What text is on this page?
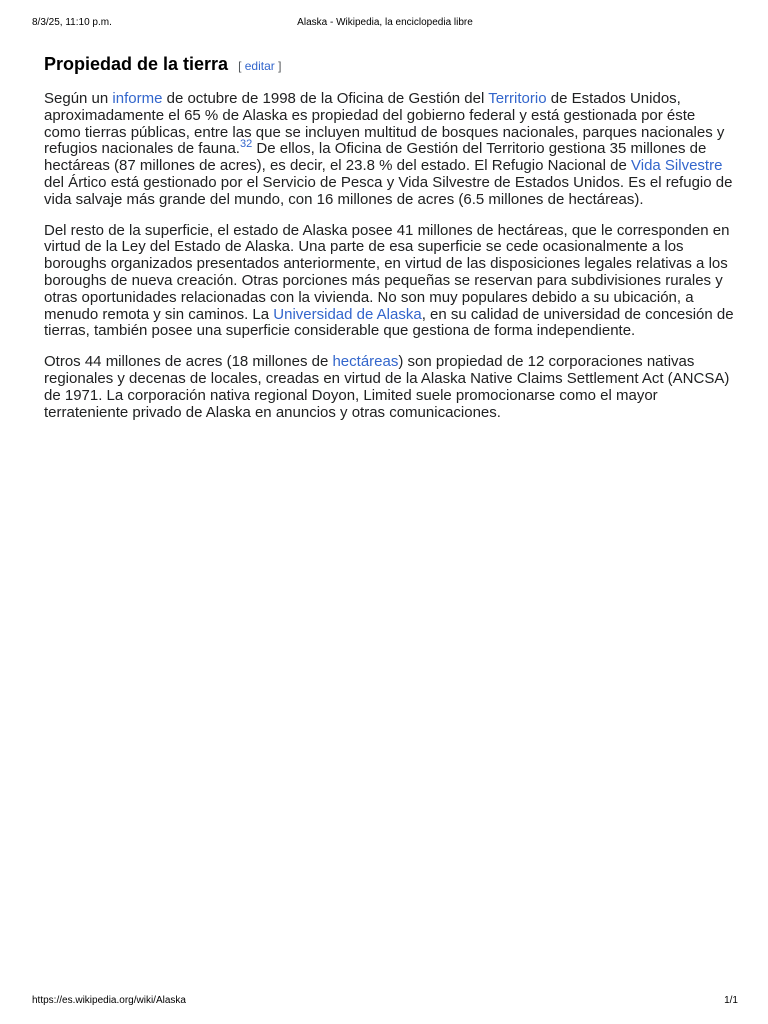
8/3/25, 11:10 p.m.	Alaska - Wikipedia, la enciclopedia libre
Propiedad de la tierra [ editar ]

Según un informe de octubre de 1998 de la Oficina de Gestión del Territorio de Estados Unidos, aproximadamente el 65 % de Alaska es propiedad del gobierno federal y está gestionada por éste como tierras públicas, entre las que se incluyen multitud de bosques nacionales, parques nacionales y refugios nacionales de fauna.$^{32}$ De ellos, la Oficina de Gestión del Territorio gestiona 35 millones de hectáreas (87 millones de acres), es decir, el 23.8 % del estado. El Refugio Nacional de Vida Silvestre del Ártico está gestionado por el Servicio de Pesca y Vida Silvestre de Estados Unidos. Es el refugio de vida salvaje más grande del mundo, con 16 millones de acres (6.5 millones de hectáreas).

Del resto de la superficie, el estado de Alaska posee 41 millones de hectáreas, que le corresponden en virtud de la Ley del Estado de Alaska. Una parte de esa superficie se cede ocasionalmente a los boroughs organizados presentados anteriormente, en virtud de las disposiciones legales relativas a los boroughs de nueva creación. Otras porciones más pequeñas se reservan para subdivisiones rurales y otras oportunidades relacionadas con la vivienda. No son muy populares debido a su ubicación, a menudo remota y sin caminos. La Universidad de Alaska, en su calidad de universidad de concesión de tierras, también posee una superficie considerable que gestiona de forma independiente.

Otros 44 millones de acres (18 millones de hectáreas) son propiedad de 12 corporaciones nativas regionales y decenas de locales, creadas en virtud de la Alaska Native Claims Settlement Act (ANCSA) de 1971. La corporación nativa regional Doyon, Limited suele promocionarse como el mayor terrateniente privado de Alaska en anuncios y otras comunicaciones.

https://es.wikipedia.org/wiki/Alaska	1/1
